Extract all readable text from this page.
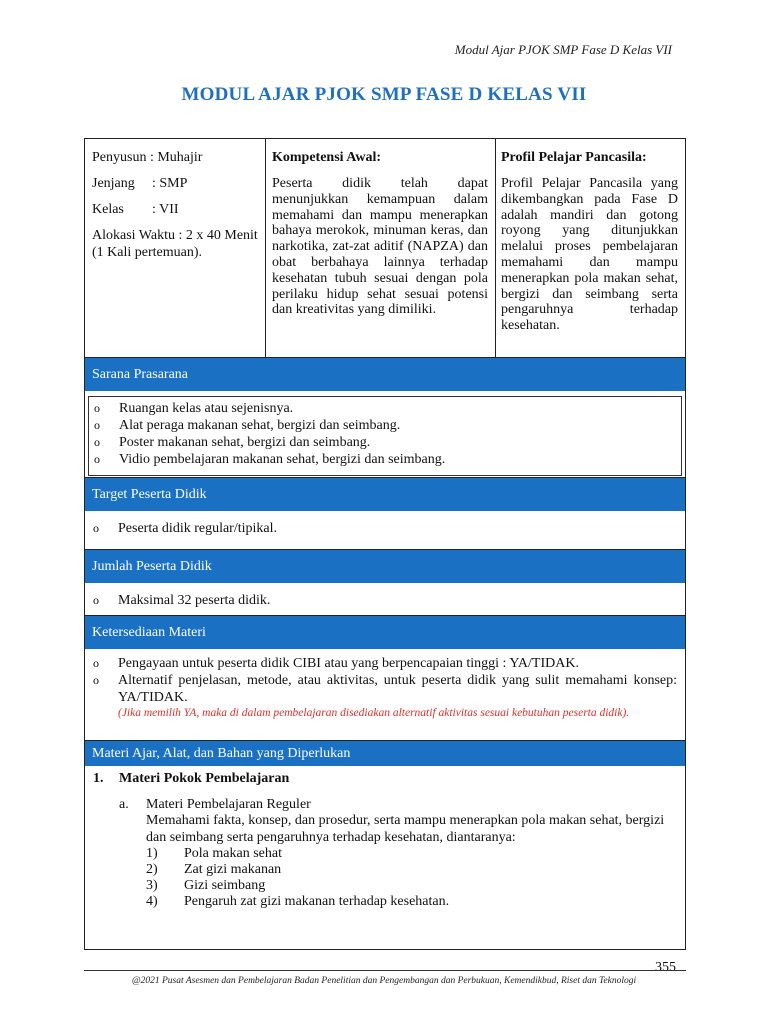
Modul Ajar PJOK SMP Fase D Kelas VII
MODUL AJAR PJOK SMP FASE D KELAS VII
Penyusun : Muhajir
Jenjang : SMP
Kelas : VII
Alokasi Waktu : 2 x 40 Menit (1 Kali pertemuan).
Kompetensi Awal:
Peserta didik telah dapat menunjukkan kemampuan dalam memahami dan mampu menerapkan bahaya merokok, minuman keras, dan narkotika, zat-zat aditif (NAPZA) dan obat berbahaya lainnya terhadap kesehatan tubuh sesuai dengan pola perilaku hidup sehat sesuai potensi dan kreativitas yang dimiliki.
Profil Pelajar Pancasila:
Profil Pelajar Pancasila yang dikembangkan pada Fase D adalah mandiri dan gotong royong yang ditunjukkan melalui proses pembelajaran memahami dan mampu menerapkan pola makan sehat, bergizi dan seimbang serta pengaruhnya terhadap kesehatan.
Sarana Prasarana
o Ruangan kelas atau sejenisnya.
o Alat peraga makanan sehat, bergizi dan seimbang.
o Poster makanan sehat, bergizi dan seimbang.
o Vidio pembelajaran makanan sehat, bergizi dan seimbang.
Target Peserta Didik
o Peserta didik regular/tipikal.
Jumlah Peserta Didik
o Maksimal 32 peserta didik.
Ketersediaan Materi
o Pengayaan untuk peserta didik CIBI atau yang berpencapaian tinggi : YA/TIDAK.
o Alternatif penjelasan, metode, atau aktivitas, untuk peserta didik yang sulit memahami konsep: YA/TIDAK.
(Jika memilih YA, maka di dalam pembelajaran disediakan alternatif aktivitas sesuai kebutuhan peserta didik).
Materi Ajar, Alat, dan Bahan yang Diperlukan
1. Materi Pokok Pembelajaran
a. Materi Pembelajaran Reguler
Memahami fakta, konsep, dan prosedur, serta mampu menerapkan pola makan sehat, bergizi dan seimbang serta pengaruhnya terhadap kesehatan, diantaranya:
1)	Pola makan sehat
2)	Zat gizi makanan
3)	Gizi seimbang
4)	Pengaruh zat gizi makanan terhadap kesehatan.
355
@2021 Pusat Asesmen dan Pembelajaran Badan Penelitian dan Pengembangan dan Perbukuan, Kemendikbud, Riset dan Teknologi
